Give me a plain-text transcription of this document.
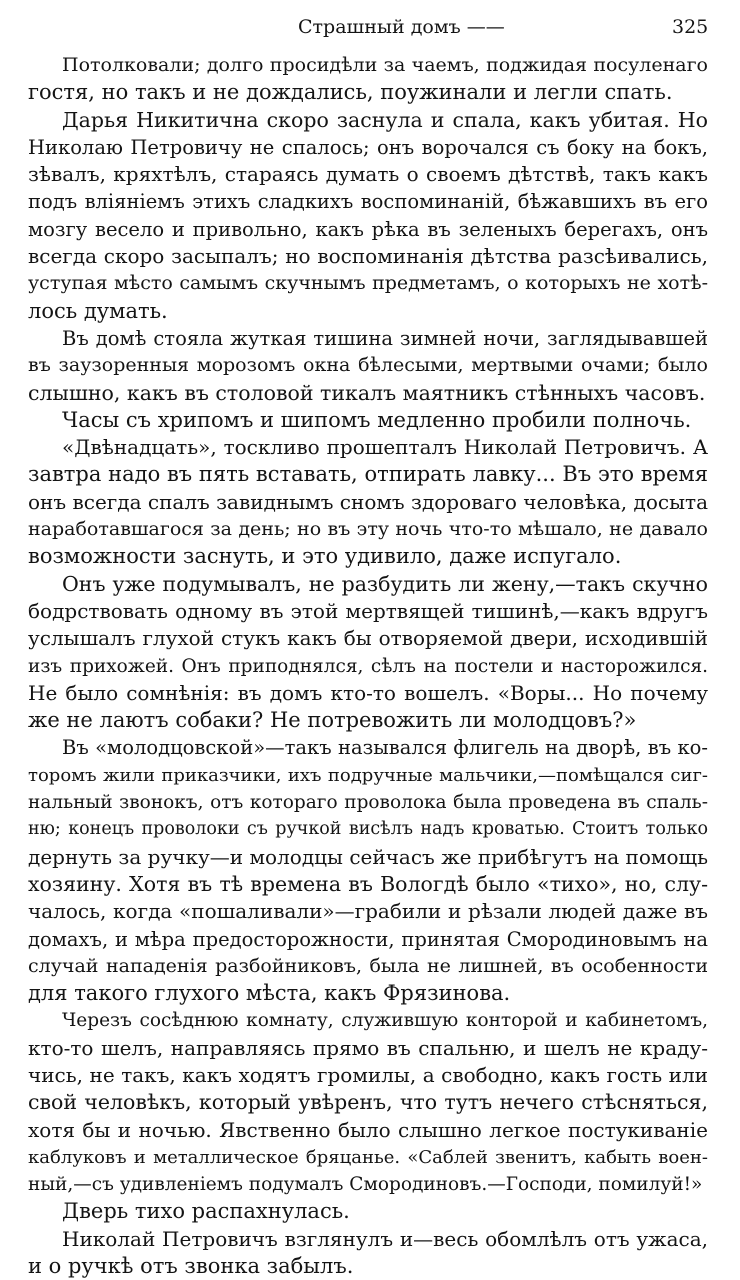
Страшный домъ ——	325
Потолковали; долго просидѣли за чаемъ, поджидая посуленаго
гостя, но такъ и не дождались, поужинали и легли спать.
Дарья Никитична скоро заснула и спала, какъ убитая. Но
Николаю Петровичу не спалось; онъ ворочался съ боку на бокъ,
зѣвалъ, кряхтѣлъ, стараясь думать о своемъ дѣтствѣ, такъ какъ
подъ вліяніемъ этихъ сладкихъ воспоминаній, бѣжавшихъ въ его
мозгу весело и привольно, какъ рѣка въ зеленыхъ берегахъ, онъ
всегда скоро засыпалъ; но воспоминанія дѣтства разсѣивались,
уступая мѣсто самымъ скучнымъ предметамъ, о которыхъ не хотѣ-
лось думать.
Въ домѣ стояла жуткая тишина зимней ночи, заглядывавшей
въ заузоренныя морозомъ окна бѣлесыми, мертвыми очами; было
слышно, какъ въ столовой тикалъ маятникъ стѣнныхъ часовъ.
Часы съ хрипомъ и шипомъ медленно пробили полночь.
«Двѣнадцать», тоскливо прошепталъ Николай Петровичъ. А
завтра надо въ пять вставать, отпирать лавку... Въ это время
онъ всегда спалъ завиднымъ сномъ здороваго человѣка, досыта
наработавшагося за день; но въ эту ночь что-то мѣшало, не давало
возможности заснуть, и это удивило, даже испугало.
Онъ уже подумывалъ, не разбудить ли жену,—такъ скучно
бодрствовать одному въ этой мертвящей тишинѣ,—какъ вдругъ
услышалъ глухой стукъ какъ бы отворяемой двери, исходившій
изъ прихожей. Онъ приподнялся, сѣлъ на постели и насторожился.
Не было сомнѣнія: въ домъ кто-то вошелъ. «Воры... Но почему
же не лаютъ собаки? Не потревожить ли молодцовъ?»
Въ «молодцовской»—такъ назывался флигель на дворѣ, въ ко-
торомъ жили приказчики, ихъ подручные мальчики,—помѣщался сиг-
нальный звонокъ, отъ котораго проволока была проведена въ спаль-
ню; конецъ проволоки съ ручкой висѣлъ надъ кроватью. Стоитъ только
дернуть за ручку—и молодцы сейчасъ же прибѣгутъ на помощь
хозяину. Хотя въ тѣ времена въ Вологдѣ было «тихо», но, слу-
чалось, когда «пошаливали»—грабили и рѣзали людей даже въ
домахъ, и мѣра предосторожности, принятая Смородиновымъ на
случай нападенія разбойниковъ, была не лишней, въ особенности
для такого глухого мѣста, какъ Фрязинова.
Черезъ сосѣднюю комнату, служившую конторой и кабинетомъ,
кто-то шелъ, направляясь прямо въ спальню, и шелъ не краду-
чись, не такъ, какъ ходятъ громилы, а свободно, какъ гость или
свой человѣкъ, который увѣренъ, что тутъ нечего стѣсняться,
хотя бы и ночью. Явственно было слышно легкое постукиваніе
каблуковъ и металлическое бряцанье. «Саблей звенитъ, кабыть воен-
ный,—съ удивленіемъ подумалъ Смородиновъ.—Господи, помилуй!»
Дверь тихо распахнулась.
Николай Петровичъ взглянулъ и—весь обомлѣлъ отъ ужаса,
и о ручкѣ отъ звонка забылъ.
